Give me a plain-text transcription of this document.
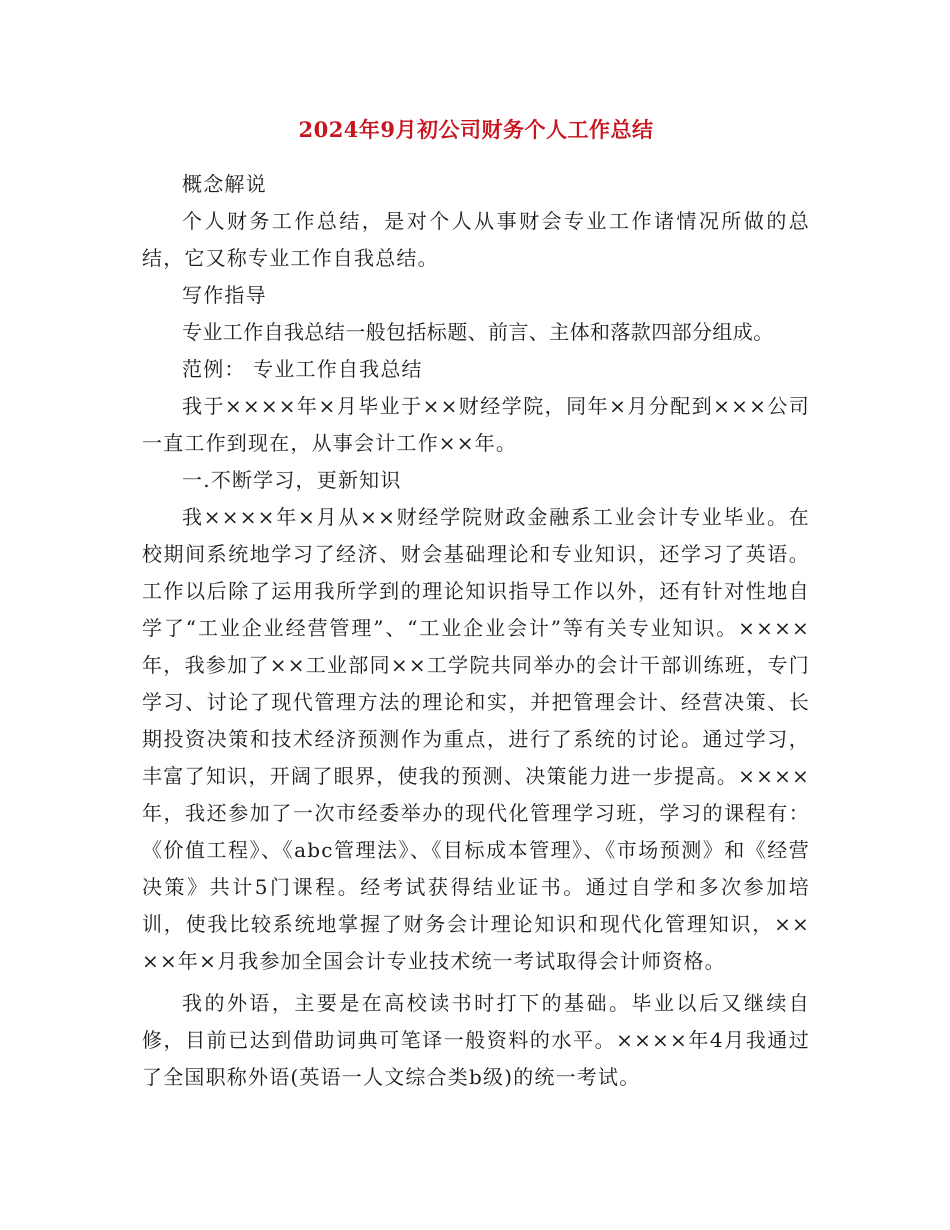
2024年9月初公司财务个人工作总结

概念解说

个人财务工作总结，是对个人从事财会专业工作诸情况所做的总结，它又称专业工作自我总结。

写作指导

专业工作自我总结一般包括标题、前言、主体和落款四部分组成。

范例： 专业工作自我总结

我于××××年×月毕业于××财经学院，同年×月分配到×××公司一直工作到现在，从事会计工作××年。

一.不断学习，更新知识

我××××年×月从××财经学院财政金融系工业会计专业毕业。在校期间系统地学习了经济、财会基础理论和专业知识，还学习了英语。工作以后除了运用我所学到的理论知识指导工作以外，还有针对性地自学了“工业企业经营管理”、“工业企业会计”等有关专业知识。××××年，我参加了××工业部同××工学院共同举办的会计干部训练班，专门学习、讨论了现代管理方法的理论和实，并把管理会计、经营决策、长期投资决策和技术经济预测作为重点，进行了系统的讨论。通过学习，丰富了知识，开阔了眼界，使我的预测、决策能力进一步提高。××××年，我还参加了一次市经委举办的现代化管理学习班，学习的课程有：《价值工程》、《abc管理法》、《目标成本管理》、《市场预测》和《经营决策》共计5门课程。经考试获得结业证书。通过自学和多次参加培训，使我比较系统地掌握了财务会计理论知识和现代化管理知识，××××年×月我参加全国会计专业技术统一考试取得会计师资格。

我的外语，主要是在高校读书时打下的基础。毕业以后又继续自修，目前已达到借助词典可笔译一般资料的水平。××××年4月我通过了全国职称外语(英语一人文综合类b级)的统一考试。
